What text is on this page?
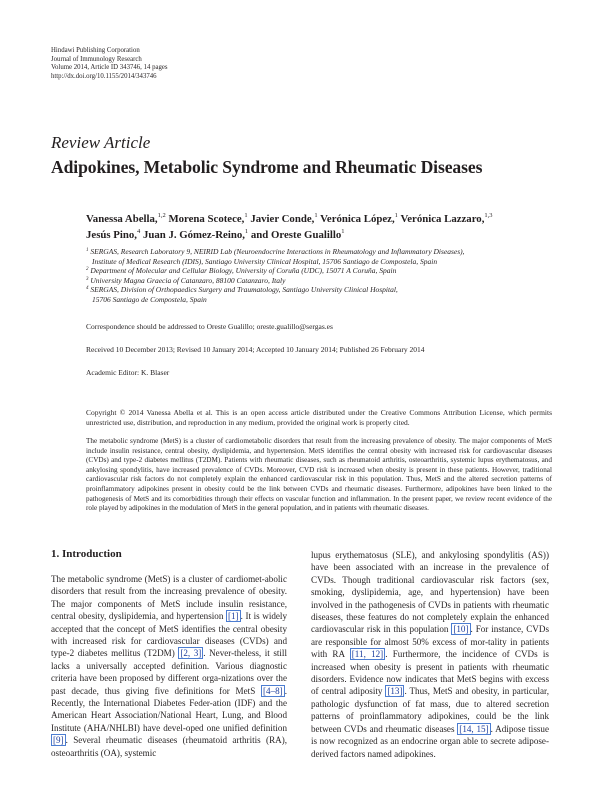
Hindawi Publishing Corporation
Journal of Immunology Research
Volume 2014, Article ID 343746, 14 pages
http://dx.doi.org/10.1155/2014/343746
Review Article
Adipokines, Metabolic Syndrome and Rheumatic Diseases
Vanessa Abella,$^{1,2}$ Morena Scotece,$^1$ Javier Conde,$^1$ Verónica López,$^1$ Verónica Lazzaro,$^{1,3}$
Jesús Pino,$^4$ Juan J. Gómez-Reino,$^1$ and Oreste Gualillo$^1$
$^1$ SERGAS, Research Laboratory 9, NEIRID Lab (Neuroendocrine Interactions in Rheumatology and Inflammatory Diseases),
Institute of Medical Research (IDIS), Santiago University Clinical Hospital, 15706 Santiago de Compostela, Spain
$^2$ Department of Molecular and Cellular Biology, University of Coruña (UDC), 15071 A Coruña, Spain
$^3$ University Magna Graecia of Catanzaro, 88100 Catanzaro, Italy
$^4$ SERGAS, Division of Orthopaedics Surgery and Traumatology, Santiago University Clinical Hospital,
15706 Santiago de Compostela, Spain
Correspondence should be addressed to Oreste Gualillo; oreste.gualillo@sergas.es
Received 10 December 2013; Revised 10 January 2014; Accepted 10 January 2014; Published 26 February 2014
Academic Editor: K. Blaser
Copyright © 2014 Vanessa Abella et al. This is an open access article distributed under the Creative Commons Attribution License, which permits unrestricted use, distribution, and reproduction in any medium, provided the original work is properly cited.
The metabolic syndrome (MetS) is a cluster of cardiometabolic disorders that result from the increasing prevalence of obesity. The major components of MetS include insulin resistance, central obesity, dyslipidemia, and hypertension. MetS identifies the central obesity with increased risk for cardiovascular diseases (CVDs) and type-2 diabetes mellitus (T2DM). Patients with rheumatic diseases, such as rheumatoid arthritis, osteoarthritis, systemic lupus erythematosus, and ankylosing spondylitis, have increased prevalence of CVDs. Moreover, CVD risk is increased when obesity is present in these patients. However, traditional cardiovascular risk factors do not completely explain the enhanced cardiovascular risk in this population. Thus, MetS and the altered secretion patterns of proinflammatory adipokines present in obesity could be the link between CVDs and rheumatic diseases. Furthermore, adipokines have been linked to the pathogenesis of MetS and its comorbidities through their effects on vascular function and inflammation. In the present paper, we review recent evidence of the role played by adipokines in the modulation of MetS in the general population, and in patients with rheumatic diseases.
1. Introduction
The metabolic syndrome (MetS) is a cluster of cardiomet-abolic disorders that result from the increasing prevalence of obesity. The major components of MetS include insulin resistance, central obesity, dyslipidemia, and hypertension [1] . It is widely accepted that the concept of MetS identifies the central obesity with increased risk for cardiovascular diseases (CVDs) and type-2 diabetes mellitus (T2DM) [2, 3] . Never-theless, it still lacks a universally accepted definition. Various diagnostic criteria have been proposed by different orga-nizations over the past decade, thus giving five definitions for MetS [4–8] . Recently, the International Diabetes Feder-ation (IDF) and the American Heart Association/National Heart, Lung, and Blood Institute (AHA/NHLBI) have devel-oped one unified definition [9] . Several rheumatic diseases (rheumatoid arthritis (RA), osteoarthritis (OA), systemic
lupus erythematosus (SLE), and ankylosing spondylitis (AS)) have been associated with an increase in the prevalence of CVDs. Though traditional cardiovascular risk factors (sex, smoking, dyslipidemia, age, and hypertension) have been involved in the pathogenesis of CVDs in patients with rheumatic diseases, these features do not completely explain the enhanced cardiovascular risk in this population [10] . For instance, CVDs are responsible for almost 50% excess of mor-tality in patients with RA [11, 12] . Furthermore, the incidence of CVDs is increased when obesity is present in patients with rheumatic disorders. Evidence now indicates that MetS begins with excess of central adiposity [13] . Thus, MetS and obesity, in particular, pathologic dysfunction of fat mass, due to altered secretion patterns of proinflammatory adipokines, could be the link between CVDs and rheumatic diseases [14, 15] . Adipose tissue is now recognized as an endocrine organ able to secrete adipose-derived factors named adipokines.
